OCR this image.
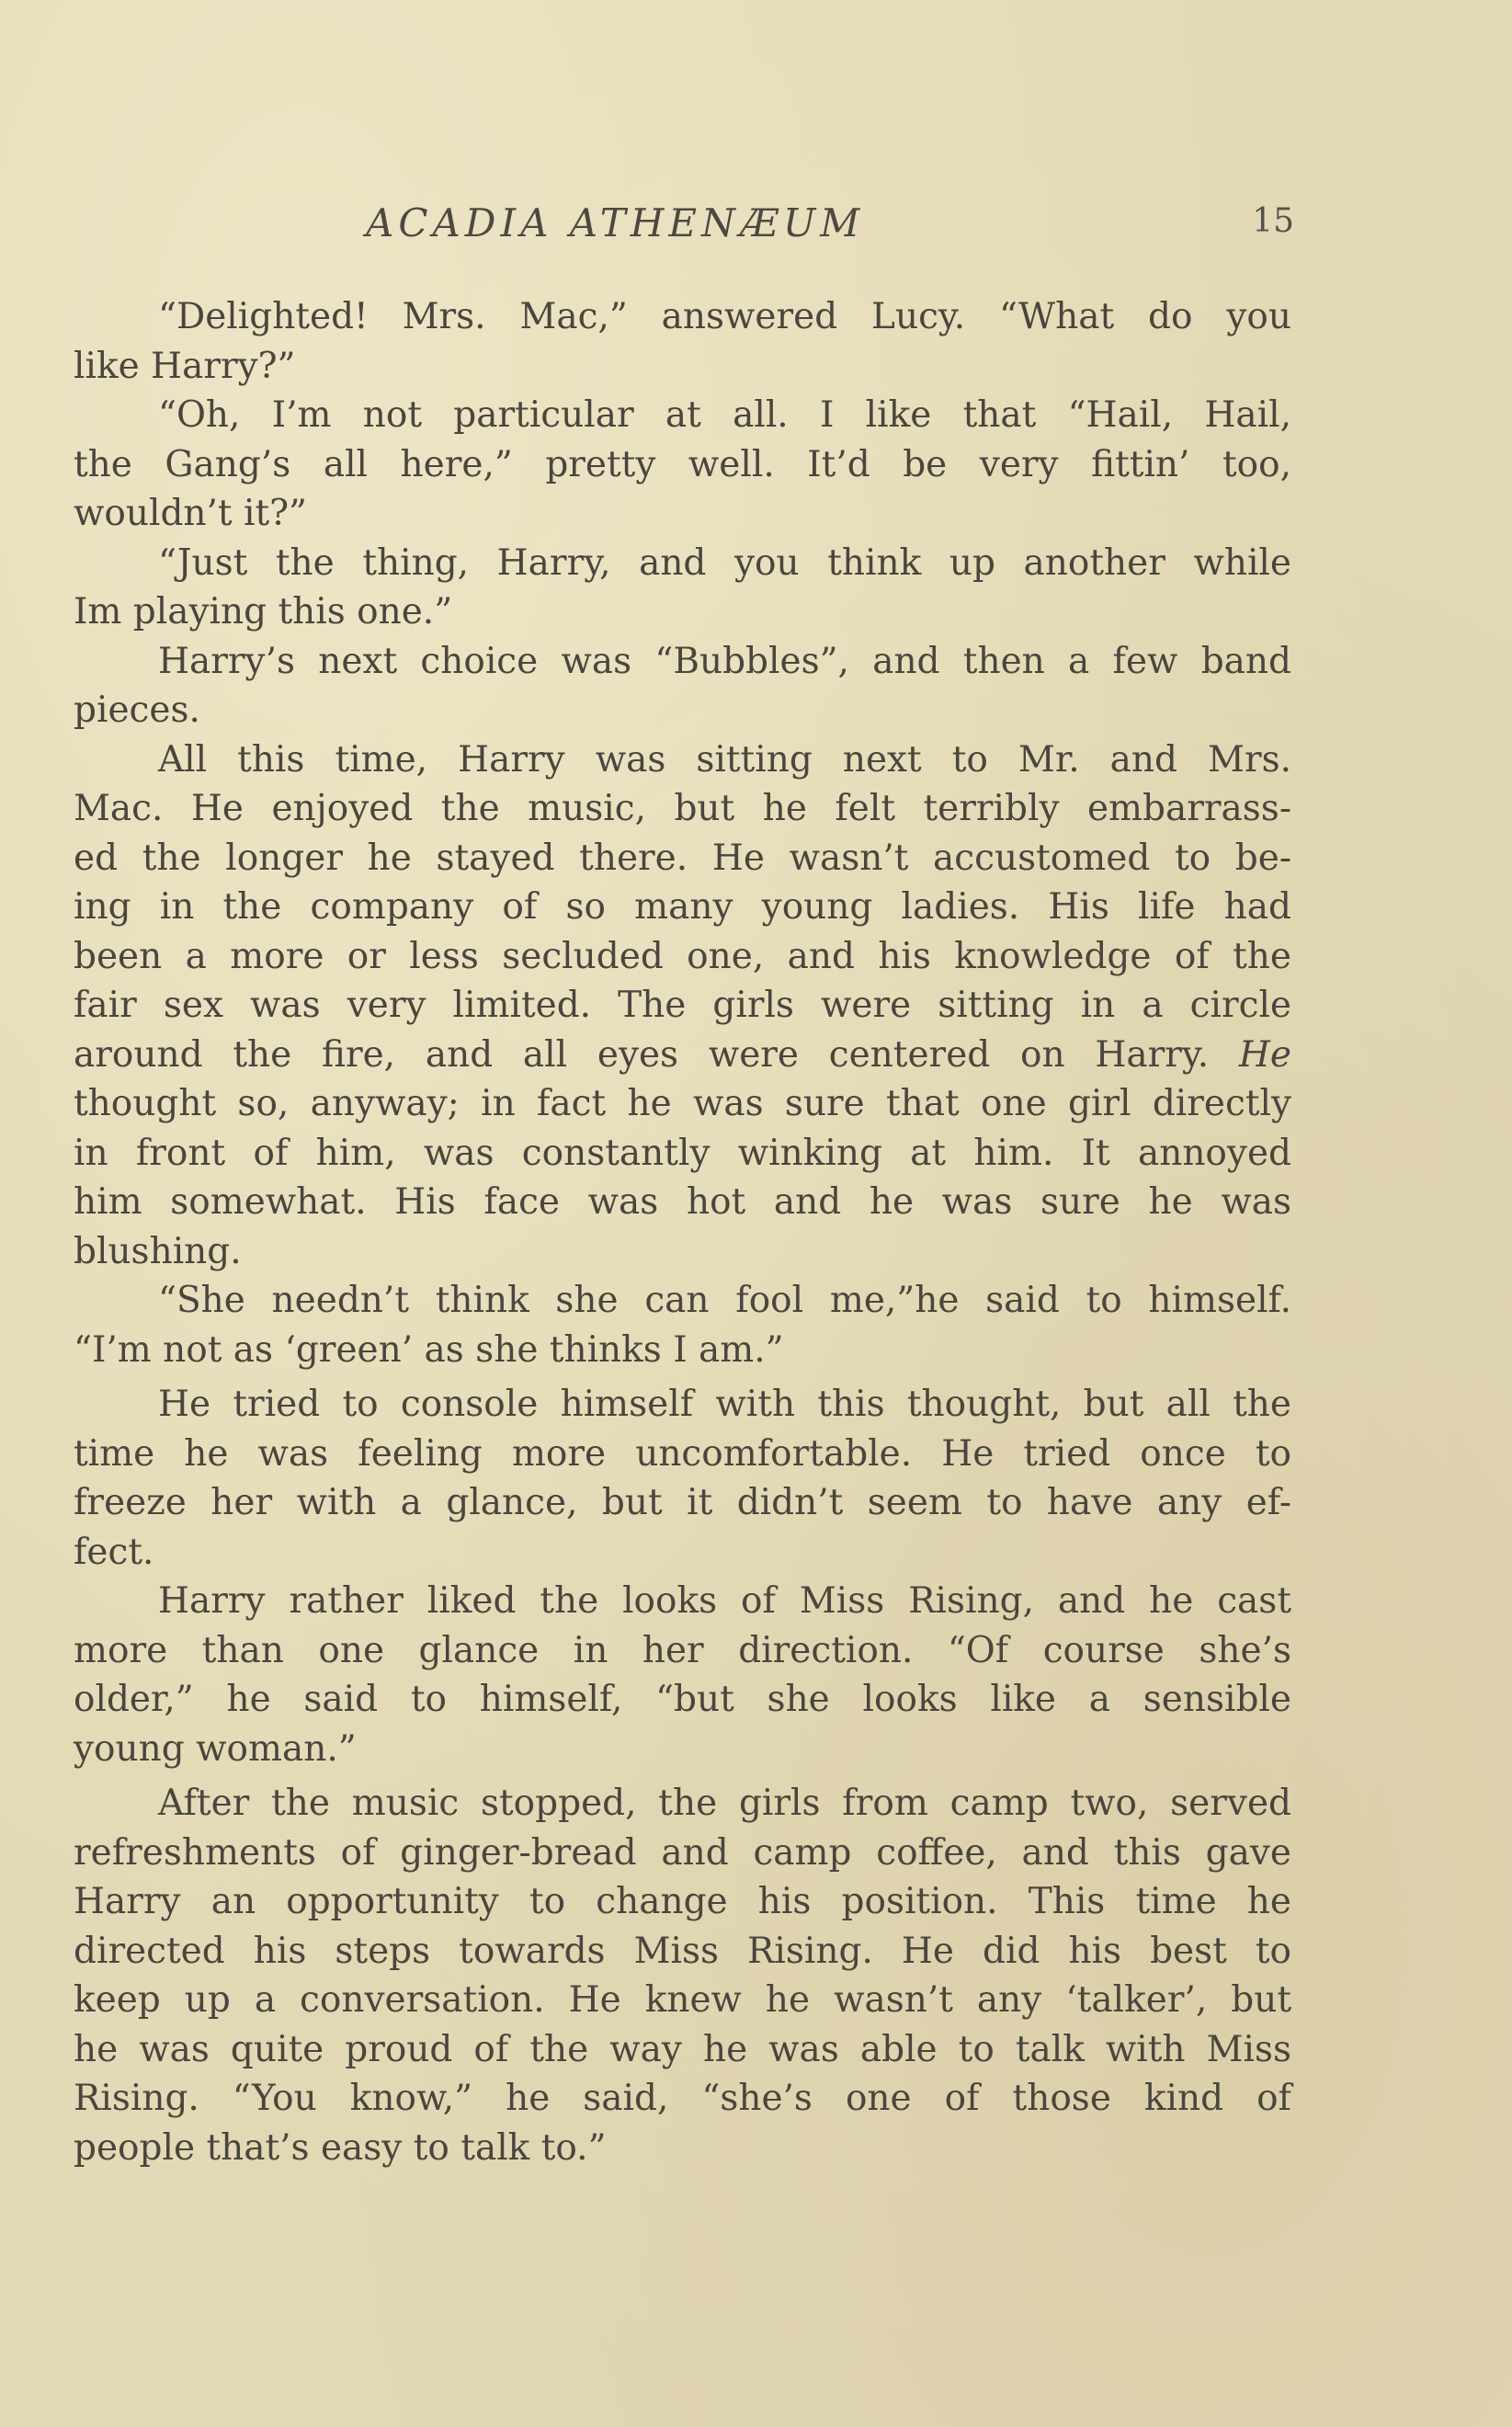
ACADIA ATHENÆUM	15
“Delighted! Mrs. Mac,” answered Lucy. “What do you
like Harry?”
“Oh, I’m not particular at all. I like that “Hail, Hail,
the Gang’s all here,” pretty well. It’d be very fittin’ too,
wouldn’t it?”
“Just the thing, Harry, and you think up another while
Im playing this one.”
Harry’s next choice was “Bubbles”, and then a few band
pieces.
All this time, Harry was sitting next to Mr. and Mrs.
Mac. He enjoyed the music, but he felt terribly embarrass-
ed the longer he stayed there. He wasn’t accustomed to be-
ing in the company of so many young ladies. His life had
been a more or less secluded one, and his knowledge of the
fair sex was very limited. The girls were sitting in a circle
around the fire, and all eyes were centered on Harry. He
thought so, anyway; in fact he was sure that one girl directly
in front of him, was constantly winking at him. It annoyed
him somewhat. His face was hot and he was sure he was
blushing.
“She needn’t think she can fool me,”he said to himself.
“I’m not as ‘green’ as she thinks I am.”
He tried to console himself with this thought, but all the
time he was feeling more uncomfortable. He tried once to
freeze her with a glance, but it didn’t seem to have any ef-
fect.
Harry rather liked the looks of Miss Rising, and he cast
more than one glance in her direction. “Of course she’s
older,” he said to himself, “but she looks like a sensible
young woman.”
After the music stopped, the girls from camp two, served
refreshments of ginger-bread and camp coffee, and this gave
Harry an opportunity to change his position. This time he
directed his steps towards Miss Rising. He did his best to
keep up a conversation. He knew he wasn’t any ‘talker’, but
he was quite proud of the way he was able to talk with Miss
Rising. “You know,” he said, “she’s one of those kind of
people that’s easy to talk to.”
